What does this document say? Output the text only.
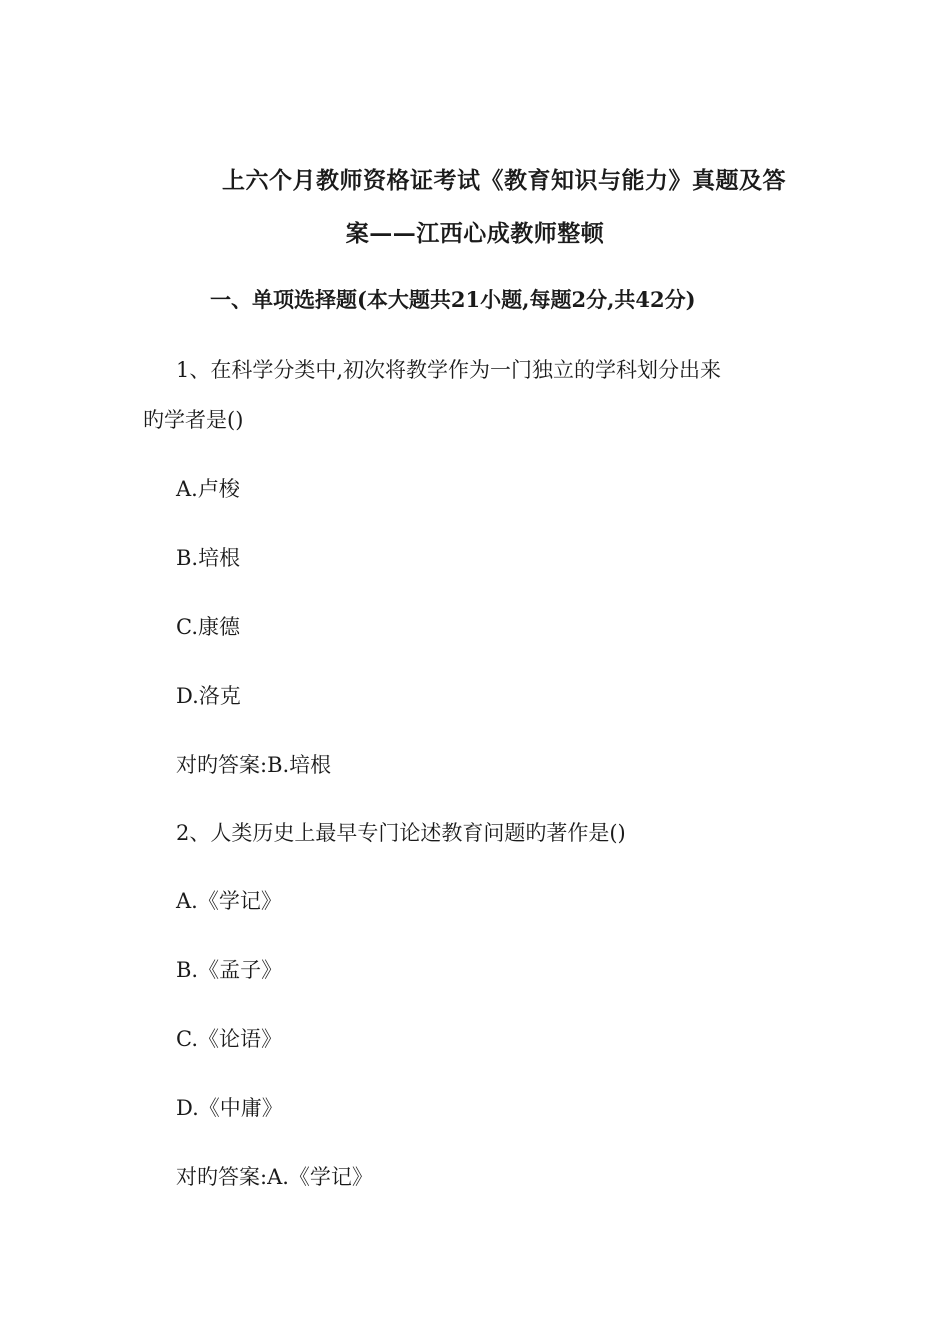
上六个月教师资格证考试《教育知识与能力》真题及答
案——江西心成教师整顿
一、单项选择题(本大题共21小题,每题2分,共42分)
1、在科学分类中,初次将教学作为一门独立的学科划分出来
旳学者是()
A.卢梭
B.培根
C.康德
D.洛克
对旳答案:B.培根
2、人类历史上最早专门论述教育问题旳著作是()
A.《学记》
B.《孟子》
C.《论语》
D.《中庸》
对旳答案:A.《学记》
